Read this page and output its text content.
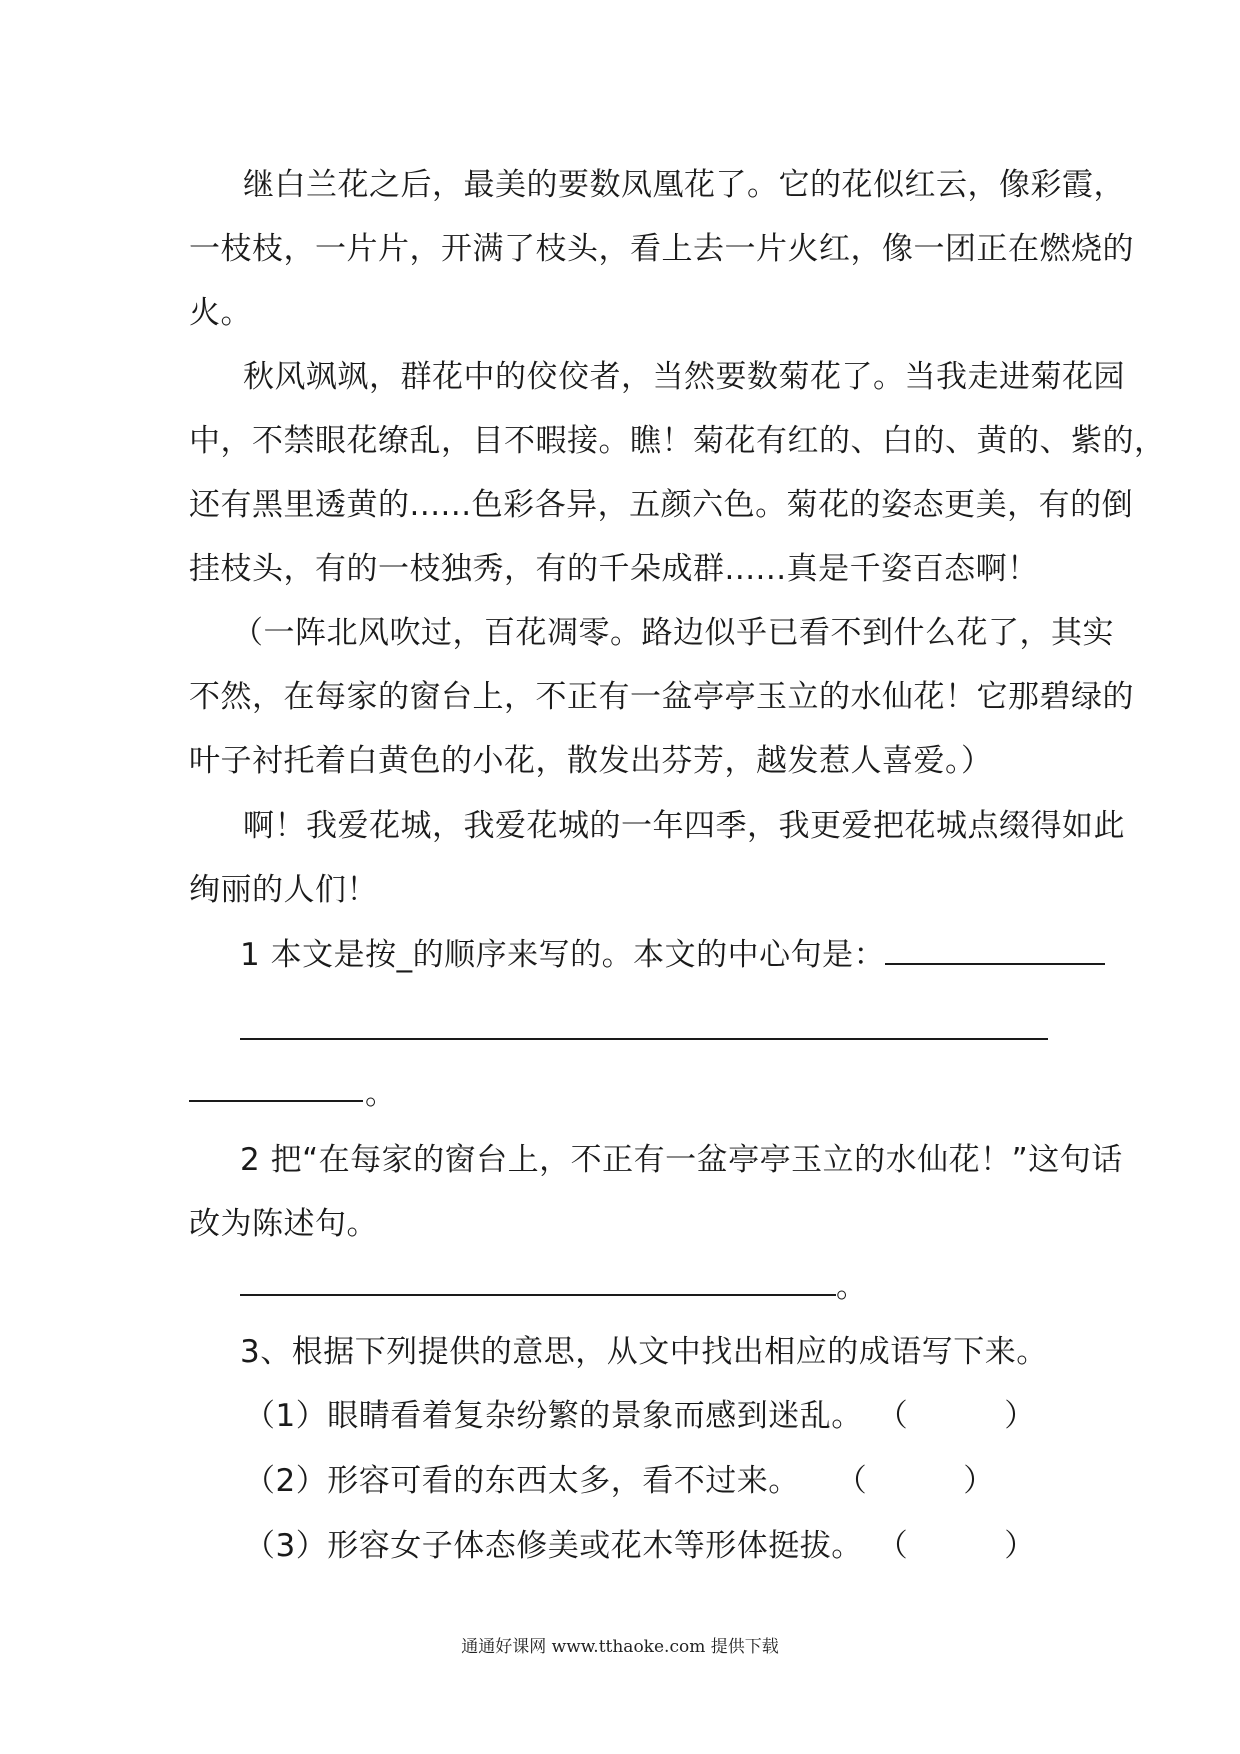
继白兰花之后，最美的要数凤凰花了。它的花似红云，像彩霞，
一枝枝，一片片，开满了枝头，看上去一片火红，像一团正在燃烧的
火。
秋风飒飒，群花中的佼佼者，当然要数菊花了。当我走进菊花园
中，不禁眼花缭乱，目不暇接。瞧！菊花有红的、白的、黄的、紫的，
还有黑里透黄的......色彩各异，五颜六色。菊花的姿态更美，有的倒
挂枝头，有的一枝独秀，有的千朵成群......真是千姿百态啊！
（一阵北风吹过，百花凋零。路边似乎已看不到什么花了，其实
不然，在每家的窗台上，不正有一盆亭亭玉立的水仙花！它那碧绿的
叶子衬托着白黄色的小花，散发出芬芳，越发惹人喜爱。）
啊！我爱花城，我爱花城的一年四季，我更爱把花城点缀得如此
绚丽的人们！
1 本文是按_的顺序来写的。本文的中心句是：
。
2 把“在每家的窗台上，不正有一盆亭亭玉立的水仙花！”这句话
改为陈述句。
。
3、根据下列提供的意思，从文中找出相应的成语写下来。
（1）眼睛看着复杂纷繁的景象而感到迷乱。 （	）
（2）形容可看的东西太多，看不过来。 （	）
（3）形容女子体态修美或花木等形体挺拔。 （	）
通通好课网 www.tthaoke.com 提供下载
